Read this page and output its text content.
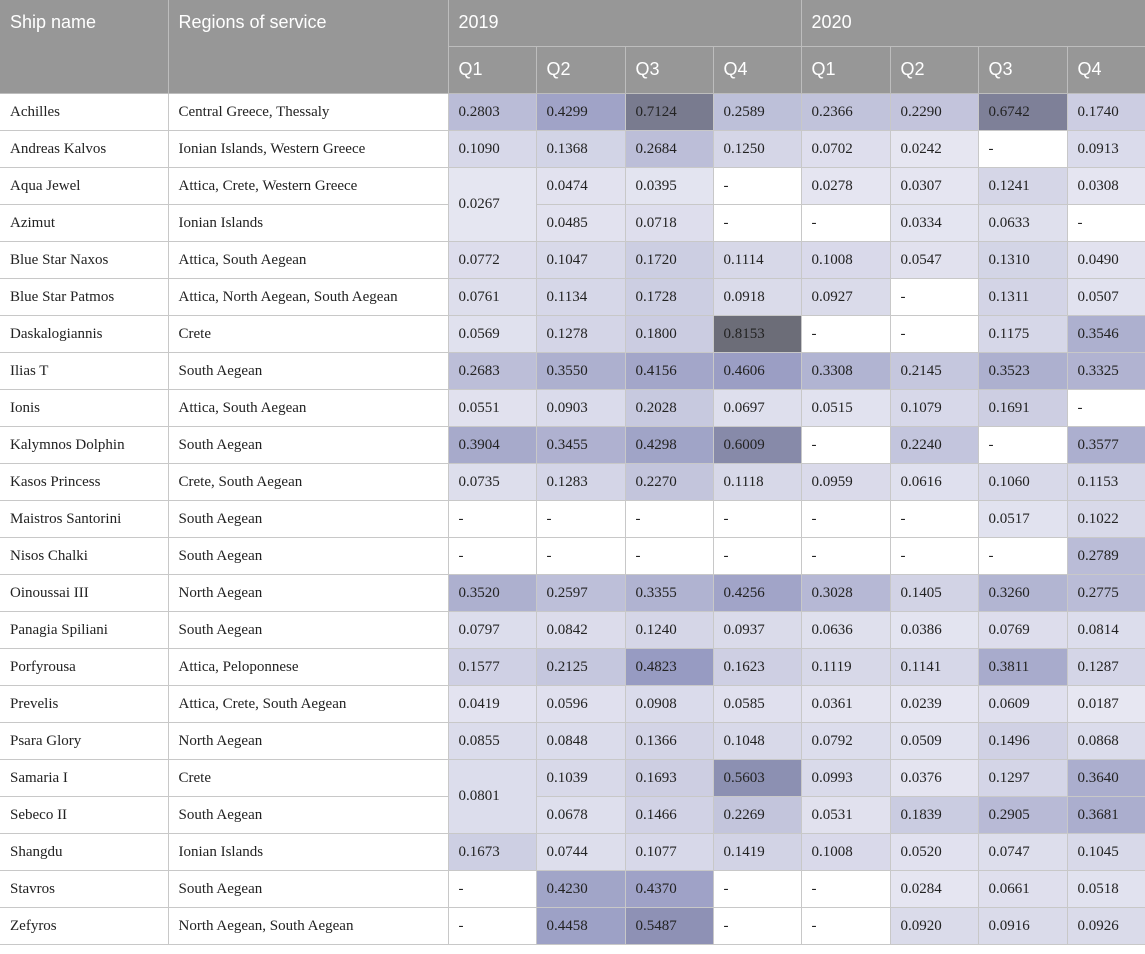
Ship name	Regions of service	2019				2020			
		Q1	Q2	Q3	Q4	Q1	Q2	Q3	Q4
Achilles	Central Greece, Thessaly	0.2803	0.4299	0.7124	0.2589	0.2366	0.2290	0.6742	0.1740
Andreas Kalvos	Ionian Islands, Western Greece	0.1090	0.1368	0.2684	0.1250	0.0702	0.0242	-	0.0913
Aqua Jewel	Attica, Crete, Western Greece	0.0267	0.0474	0.0395	-	0.0278	0.0307	0.1241	0.0308
Azimut	Ionian Islands		0.0485	0.0718	-	-	0.0334	0.0633	-
Blue Star Naxos	Attica, South Aegean	0.0772	0.1047	0.1720	0.1114	0.1008	0.0547	0.1310	0.0490
Blue Star Patmos	Attica, North Aegean, South Aegean	0.0761	0.1134	0.1728	0.0918	0.0927	-	0.1311	0.0507
Daskalogiannis	Crete	0.0569	0.1278	0.1800	0.8153	-	-	0.1175	0.3546
Ilias T	South Aegean	0.2683	0.3550	0.4156	0.4606	0.3308	0.2145	0.3523	0.3325
Ionis	Attica, South Aegean	0.0551	0.0903	0.2028	0.0697	0.0515	0.1079	0.1691	-
Kalymnos Dolphin	South Aegean	0.3904	0.3455	0.4298	0.6009	-	0.2240	-	0.3577
Kasos Princess	Crete, South Aegean	0.0735	0.1283	0.2270	0.1118	0.0959	0.0616	0.1060	0.1153
Maistros Santorini	South Aegean	-	-	-	-	-	-	0.0517	0.1022
Nisos Chalki	South Aegean	-	-	-	-	-	-	-	0.2789
Oinoussai III	North Aegean	0.3520	0.2597	0.3355	0.4256	0.3028	0.1405	0.3260	0.2775
Panagia Spiliani	South Aegean	0.0797	0.0842	0.1240	0.0937	0.0636	0.0386	0.0769	0.0814
Porfyrousa	Attica, Peloponnese	0.1577	0.2125	0.4823	0.1623	0.1119	0.1141	0.3811	0.1287
Prevelis	Attica, Crete, South Aegean	0.0419	0.0596	0.0908	0.0585	0.0361	0.0239	0.0609	0.0187
Psara Glory	North Aegean	0.0855	0.0848	0.1366	0.1048	0.0792	0.0509	0.1496	0.0868
Samaria I	Crete	0.0801	0.1039	0.1693	0.5603	0.0993	0.0376	0.1297	0.3640
Sebeco II	South Aegean		0.0678	0.1466	0.2269	0.0531	0.1839	0.2905	0.3681
Shangdu	Ionian Islands	0.1673	0.0744	0.1077	0.1419	0.1008	0.0520	0.0747	0.1045
Stavros	South Aegean	-	0.4230	0.4370	-	-	0.0284	0.0661	0.0518
Zefyros	North Aegean, South Aegean	-	0.4458	0.5487	-	-	0.0920	0.0916	0.0926
